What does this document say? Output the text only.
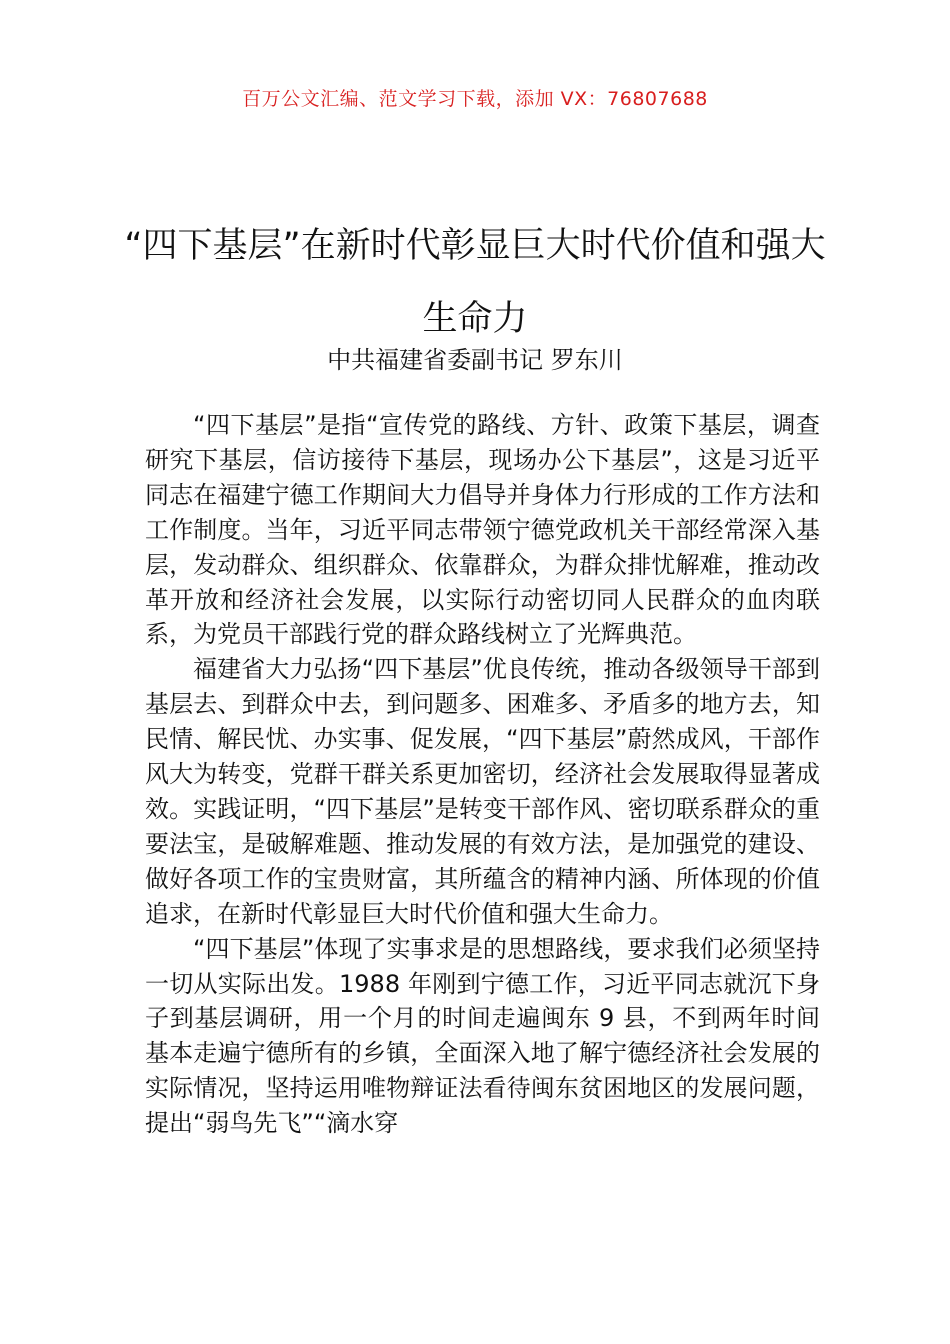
百万公文汇编、范文学习下载，添加 VX：76807688
“四下基层”在新时代彰显巨大时代价值和强大生命力
中共福建省委副书记 罗东川

“四下基层”是指“宣传党的路线、方针、政策下基层，调查研究下基层，信访接待下基层，现场办公下基层”，这是习近平同志在福建宁德工作期间大力倡导并身体力行形成的工作方法和工作制度。当年，习近平同志带领宁德党政机关干部经常深入基层，发动群众、组织群众、依靠群众，为群众排忧解难，推动改革开放和经济社会发展，以实际行动密切同人民群众的血肉联系，为党员干部践行党的群众路线树立了光辉典范。

福建省大力弘扬“四下基层”优良传统，推动各级领导干部到基层去、到群众中去，到问题多、困难多、矛盾多的地方去，知民情、解民忧、办实事、促发展，“四下基层”蔚然成风，干部作风大为转变，党群干群关系更加密切，经济社会发展取得显著成效。实践证明，“四下基层”是转变干部作风、密切联系群众的重要法宝，是破解难题、推动发展的有效方法，是加强党的建设、做好各项工作的宝贵财富，其所蕴含的精神内涵、所体现的价值追求，在新时代彰显巨大时代价值和强大生命力。

“四下基层”体现了实事求是的思想路线，要求我们必须坚持一切从实际出发。1988 年刚到宁德工作，习近平同志就沉下身子到基层调研，用一个月的时间走遍闽东 9 县，不到两年时间基本走遍宁德所有的乡镇，全面深入地了解宁德经济社会发展的实际情况，坚持运用唯物辩证法看待闽东贫困地区的发展问题，提出“弱鸟先飞”“滴水穿
